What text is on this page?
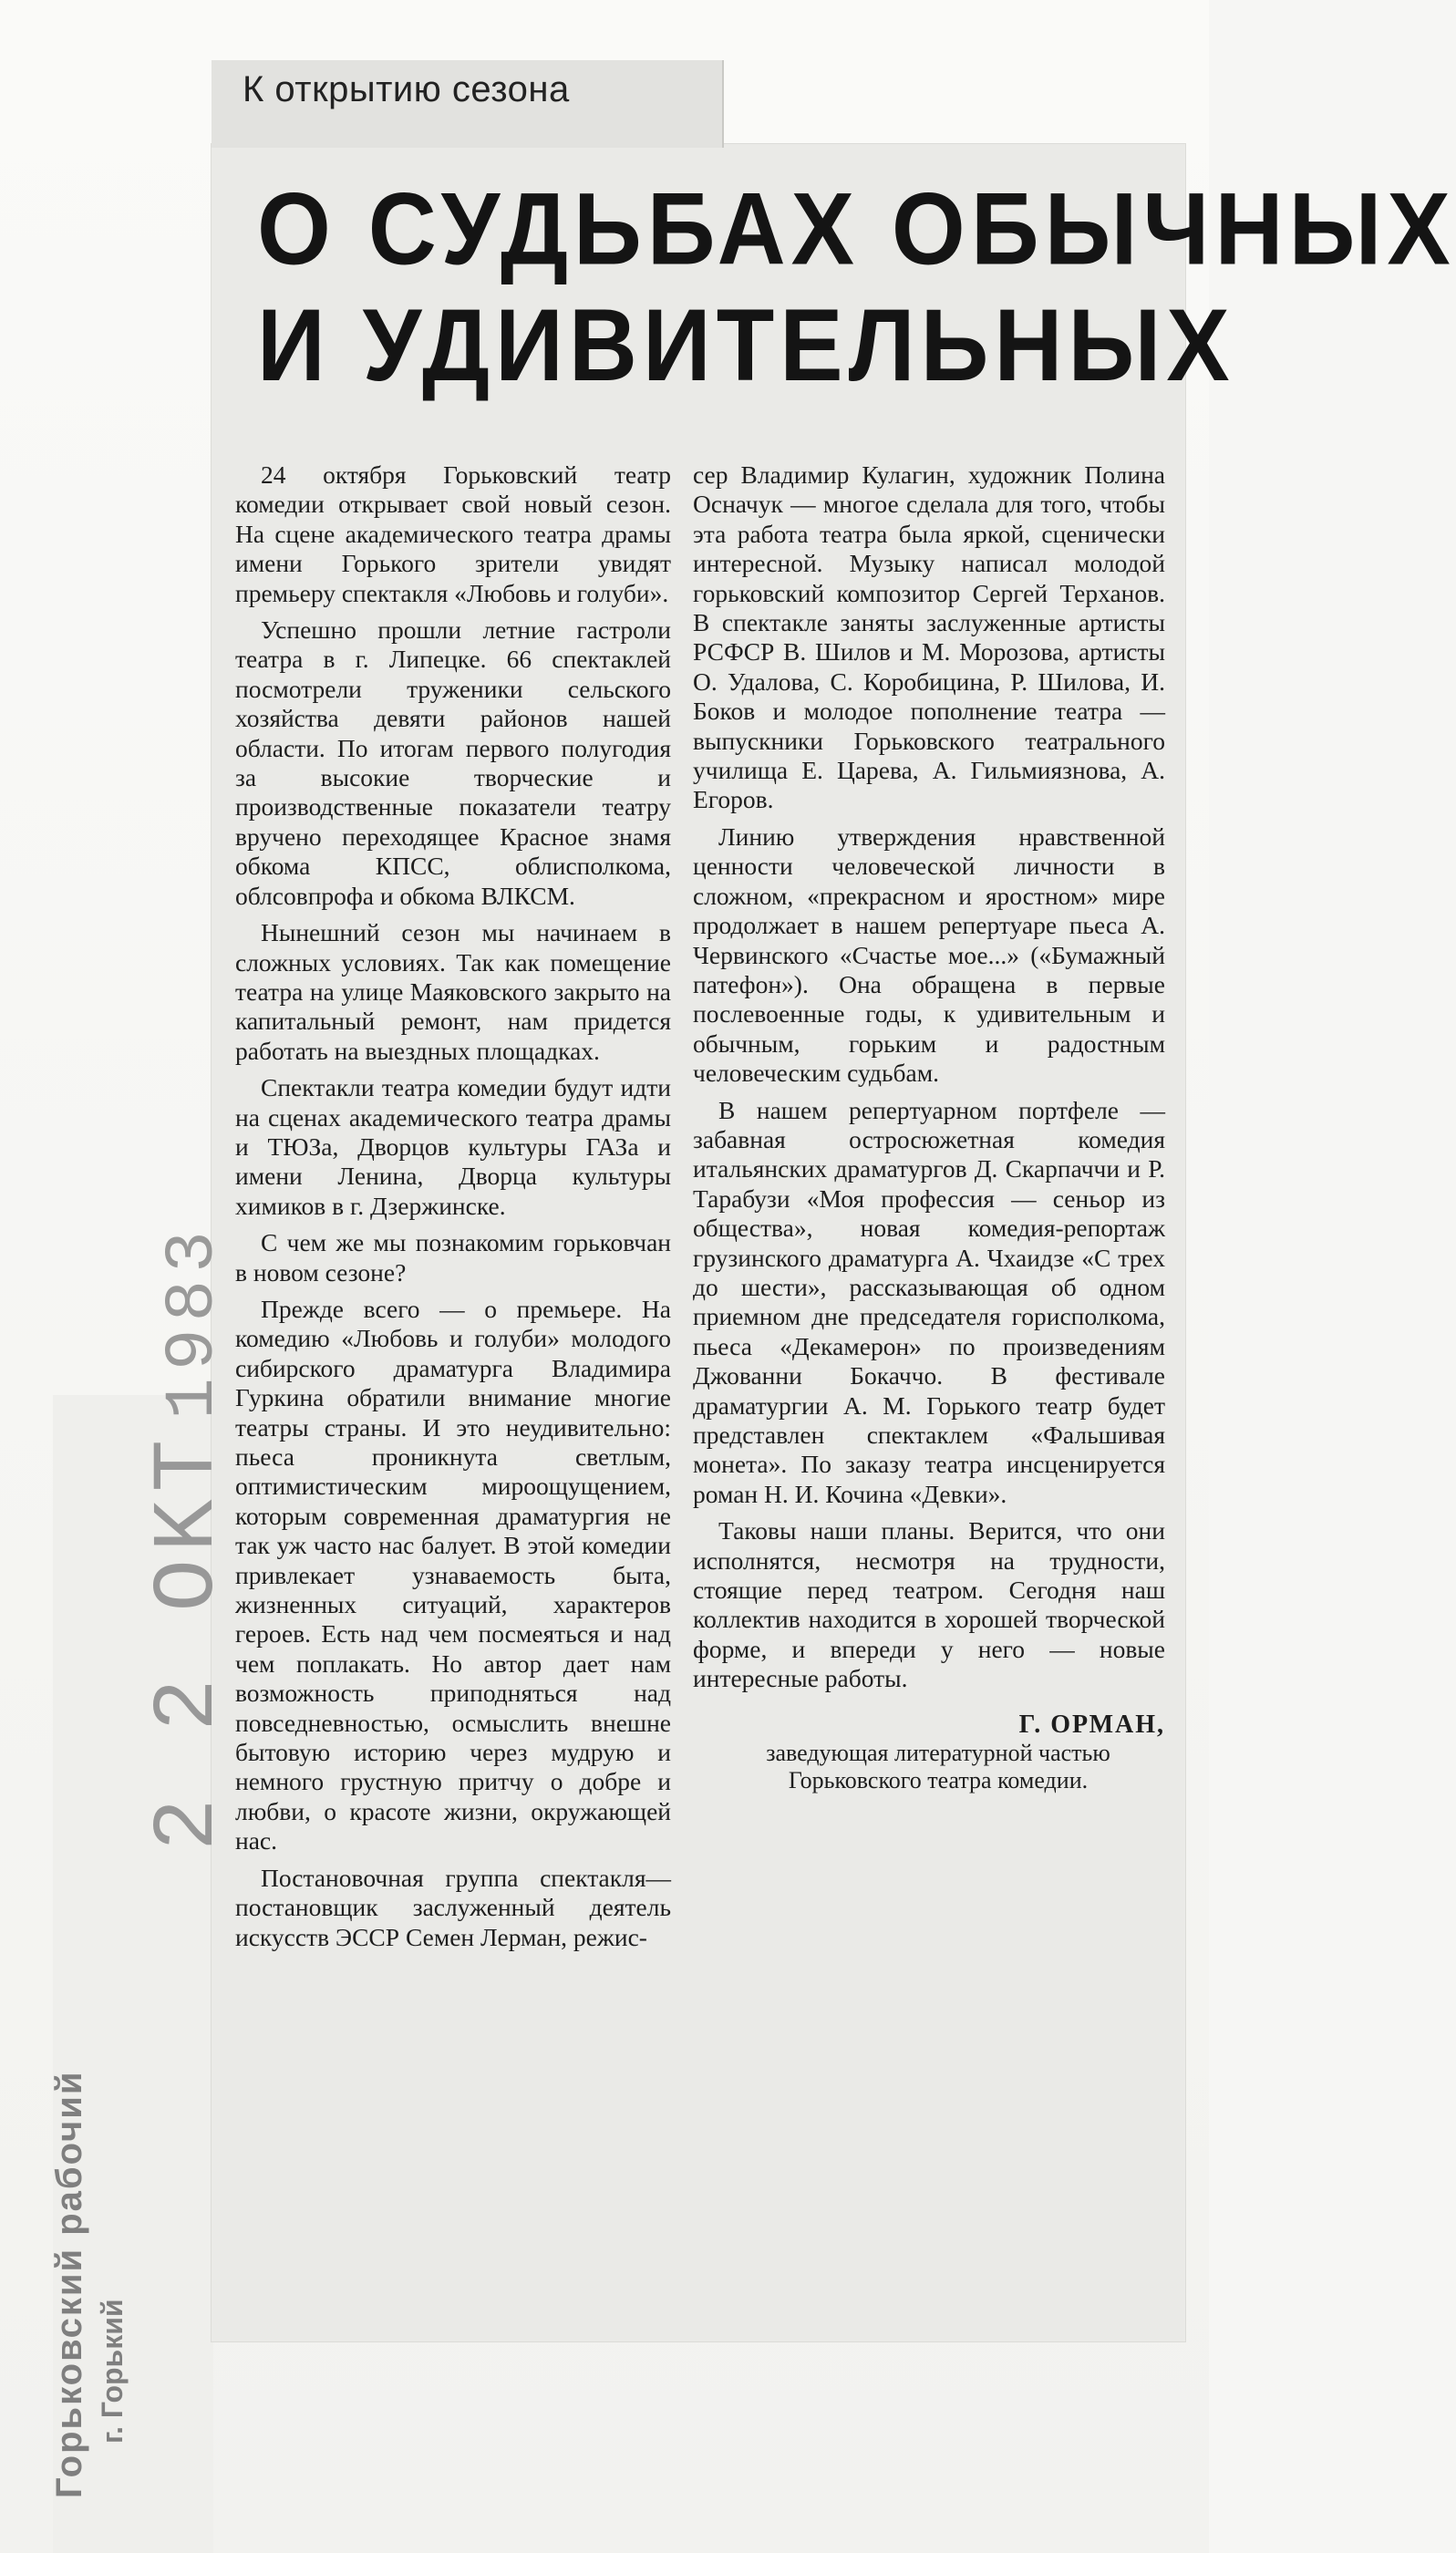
К открытию сезона
О СУДЬБАХ ОБЫЧНЫХ
И УДИВИТЕЛЬНЫХ

24 октября Горьковский театр комедии открывает свой новый сезон. На сцене академического театра драмы имени Горького зрители увидят премьеру спектакля «Любовь и голуби».

Успешно прошли летние гастроли театра в г. Липецке. 66 спектаклей посмотрели труженики сельского хозяйства девяти районов нашей области. По итогам первого полугодия за высокие творческие и производственные показатели театру вручено переходящее Красное знамя обкома КПСС, облисполкома, облсовпрофа и обкома ВЛКСМ.

Нынешний сезон мы начинаем в сложных условиях. Так как помещение театра на улице Маяковского закрыто на капитальный ремонт, нам придется работать на выездных площадках.

Спектакли театра комедии будут идти на сценах академического театра драмы и ТЮЗа, Дворцов культуры ГАЗа и имени Ленина, Дворца культуры химиков в г. Дзержинске.

С чем же мы познакомим горьковчан в новом сезоне?

Прежде всего — о премьере. На комедию «Любовь и голуби» молодого сибирского драматурга Владимира Гуркина обратили внимание многие театры страны. И это неудивительно: пьеса проникнута светлым, оптимистическим мироощущением, которым современная драматургия не так уж часто нас балует. В этой комедии привлекает узнаваемость быта, жизненных ситуаций, характеров героев. Есть над чем посмеяться и над чем поплакать. Но автор дает нам возможность приподняться над повседневностью, осмыслить внешне бытовую историю через мудрую и немного грустную притчу о добре и любви, о красоте жизни, окружающей нас.

Постановочная группа спектакля—постановщик заслуженный деятель искусств ЭССР Семен Лерман, режис-

сер Владимир Кулагин, художник Полина Осначук — многое сделала для того, чтобы эта работа театра была яркой, сценически интересной. Музыку написал молодой горьковский композитор Сергей Терханов. В спектакле заняты заслуженные артисты РСФСР В. Шилов и М. Морозова, артисты О. Удалова, С. Коробицина, Р. Шилова, И. Боков и молодое пополнение театра — выпускники Горьковского театрального училища Е. Царева, А. Гильмиязнова, А. Егоров.

Линию утверждения нравственной ценности человеческой личности в сложном, «прекрасном и яростном» мире продолжает в нашем репертуаре пьеса А. Червинского «Счастье мое...» («Бумажный патефон»). Она обращена в первые послевоенные годы, к удивительным и обычным, горьким и радостным человеческим судьбам.

В нашем репертуарном портфеле — забавная остросюжетная комедия итальянских драматургов Д. Скарпаччи и Р. Тарабузи «Моя профессия — сеньор из общества», новая комедия-репортаж грузинского драматурга А. Чхаидзе «С трех до шести», рассказывающая об одном приемном дне председателя горисполкома, пьеса «Декамерон» по произведениям Джованни Бокаччо. В фестивале драматургии А. М. Горького театр будет представлен спектаклем «Фальшивая монета». По заказу театра инсценируется роман Н. И. Кочина «Девки».

Таковы наши планы. Верится, что они исполнятся, несмотря на трудности, стоящие перед театром. Сегодня наш коллектив находится в хорошей творческой форме, и впереди у него — новые интересные работы.

Г. ОРМАН,
заведующая литературной частью Горьковского театра комедии.
2 2 OKT1983
Горьковский рабочий г. Горький
